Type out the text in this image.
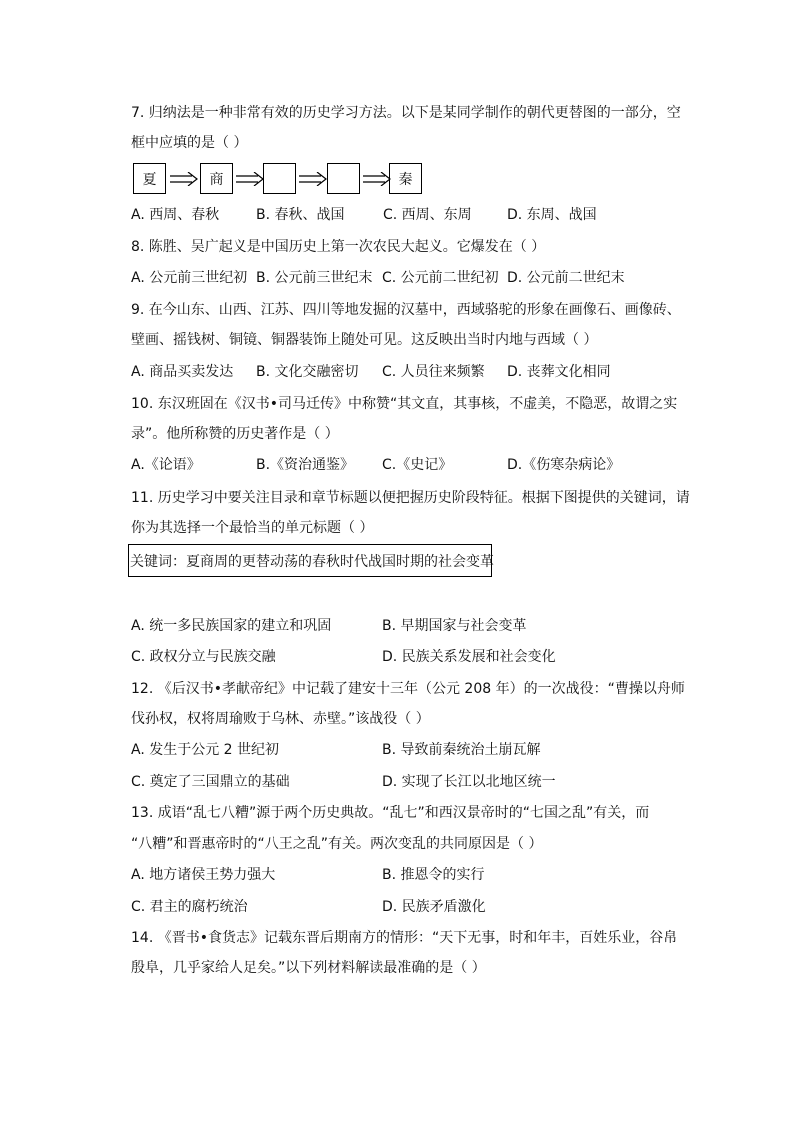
7. 归纳法是一种非常有效的历史学习方法。以下是某同学制作的朝代更替图的一部分，空
框中应填的是（ ）
夏	商	秦
A. 西周、春秋	B. 春秋、战国	C. 西周、东周	D. 东周、战国
8. 陈胜、吴广起义是中国历史上第一次农民大起义。它爆发在（ ）
A. 公元前三世纪初 B. 公元前三世纪末 C. 公元前二世纪初 D. 公元前二世纪末
9. 在今山东、山西、江苏、四川等地发掘的汉墓中，西域骆驼的形象在画像石、画像砖、
壁画、摇钱树、铜镜、铜器装饰上随处可见。这反映出当时内地与西域（ ）
A. 商品买卖发达 B. 文化交融密切 C. 人员往来频繁 D. 丧葬文化相同
10. 东汉班固在《汉书•司马迁传》中称赞“其文直，其事核，不虚美，不隐恶，故谓之实
录”。他所称赞的历史著作是（ ）
A.《论语》	B.《资治通鉴》 C.《史记》	D.《伤寒杂病论》
11. 历史学习中要关注目录和章节标题以便把握历史阶段特征。根据下图提供的关键词，请
你为其选择一个最恰当的单元标题（ ）
关键词：夏商周的更替动荡的春秋时代战国时期的社会变革
A. 统一多民族国家的建立和巩固	B. 早期国家与社会变革
C. 政权分立与民族交融	D. 民族关系发展和社会变化
12. 《后汉书•孝献帝纪》中记载了建安十三年（公元 208 年）的一次战役：“曹操以舟师
伐孙权，权将周瑜败于乌林、赤壁。”该战役（ ）
A. 发生于公元 2 世纪初	B. 导致前秦统治土崩瓦解
C. 奠定了三国鼎立的基础	D. 实现了长江以北地区统一
13. 成语“乱七八糟”源于两个历史典故。“乱七”和西汉景帝时的“七国之乱”有关，而
“八糟”和晋惠帝时的“八王之乱”有关。两次变乱的共同原因是（ ）
A. 地方诸侯王势力强大	B. 推恩令的实行
C. 君主的腐朽统治	D. 民族矛盾激化
14. 《晋书•食货志》记载东晋后期南方的情形：“天下无事，时和年丰，百姓乐业，谷帛
殷阜，几乎家给人足矣。”以下列材料解读最准确的是（ ）
